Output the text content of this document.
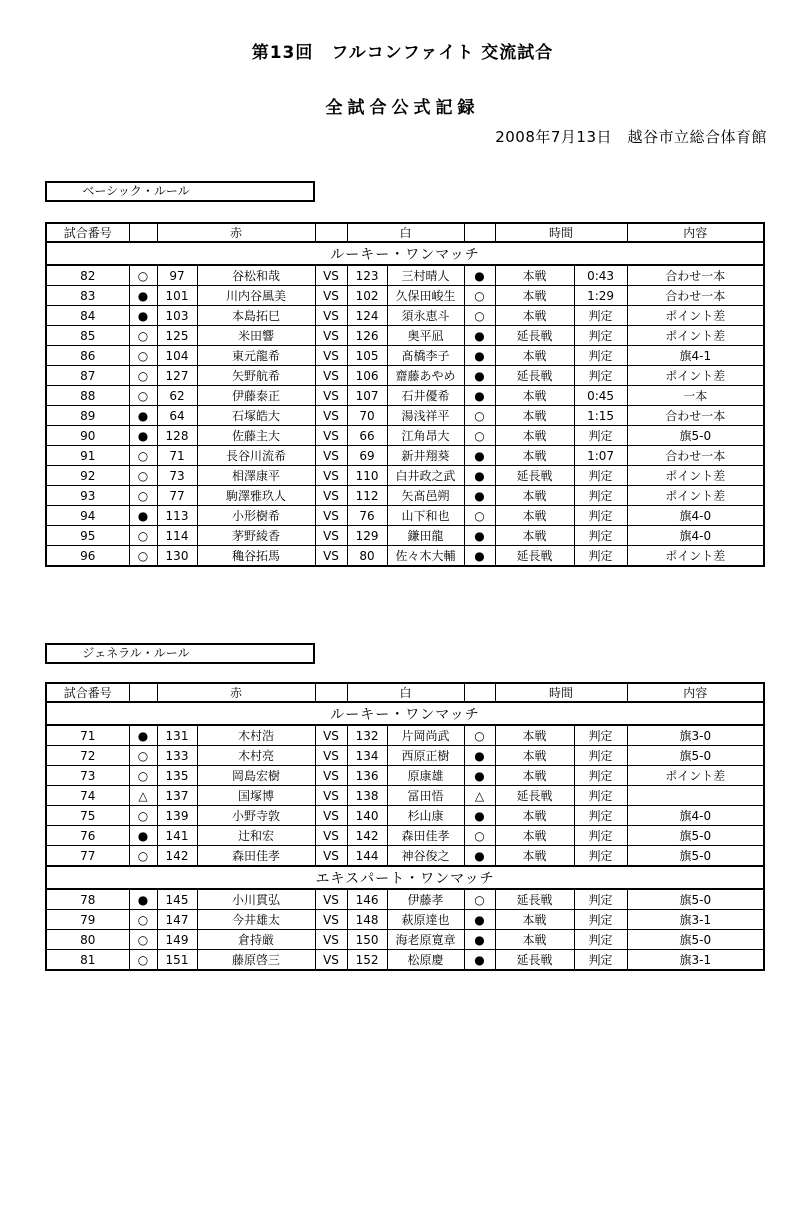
第13回　フルコンファイト 交流試合
全試合公式記録
2008年7月13日　越谷市立総合体育館
ベーシック・ルール
試合番号		赤			白			時間		内容
ルーキー・ワンマッチ										
82	○	97	谷松和哉	VS	123	三村晴人	●	本戦	0:43	合わせ一本
83	●	101	川内谷風美	VS	102	久保田峻生	○	本戦	1:29	合わせ一本
84	●	103	本島拓巳	VS	124	須永恵斗	○	本戦	判定	ポイント差
85	○	125	米田響	VS	126	奥平凪	●	延長戦	判定	ポイント差
86	○	104	東元龍希	VS	105	髙橋李子	●	本戦	判定	旗4-1
87	○	127	矢野航希	VS	106	齋藤あやめ	●	延長戦	判定	ポイント差
88	○	62	伊藤泰正	VS	107	石井優希	●	本戦	0:45	一本
89	●	64	石塚皓大	VS	70	湯浅祥平	○	本戦	1:15	合わせ一本
90	●	128	佐藤主大	VS	66	江角昂大	○	本戦	判定	旗5-0
91	○	71	長谷川流希	VS	69	新井翔葵	●	本戦	1:07	合わせ一本
92	○	73	相澤康平	VS	110	白井政之武	●	延長戦	判定	ポイント差
93	○	77	駒澤雅玖人	VS	112	矢髙邑朔	●	本戦	判定	ポイント差
94	●	113	小形樹希	VS	76	山下和也	○	本戦	判定	旗4-0
95	○	114	茅野綾香	VS	129	鎌田龍	●	本戦	判定	旗4-0
96	○	130	穐谷拓馬	VS	80	佐々木大輔	●	延長戦	判定	ポイント差
ジェネラル・ルール
試合番号		赤			白			時間		内容
ルーキー・ワンマッチ										
71	●	131	木村浩	VS	132	片岡尚武	○	本戦	判定	旗3-0
72	○	133	木村亮	VS	134	西原正樹	●	本戦	判定	旗5-0
73	○	135	岡島宏樹	VS	136	原康雄	●	本戦	判定	ポイント差
74	△	137	国塚博	VS	138	冨田悟	△	延長戦	判定	
75	○	139	小野寺敦	VS	140	杉山康	●	本戦	判定	旗4-0
76	●	141	辻和宏	VS	142	森田佳孝	○	本戦	判定	旗5-0
77	○	142	森田佳孝	VS	144	神谷俊之	●	本戦	判定	旗5-0
エキスパート・ワンマッチ										
78	●	145	小川貫弘	VS	146	伊藤孝	○	延長戦	判定	旗5-0
79	○	147	今井雄太	VS	148	萩原達也	●	本戦	判定	旗3-1
80	○	149	倉持厳	VS	150	海老原寛章	●	本戦	判定	旗5-0
81	○	151	藤原啓三	VS	152	松原慶	●	延長戦	判定	旗3-1
